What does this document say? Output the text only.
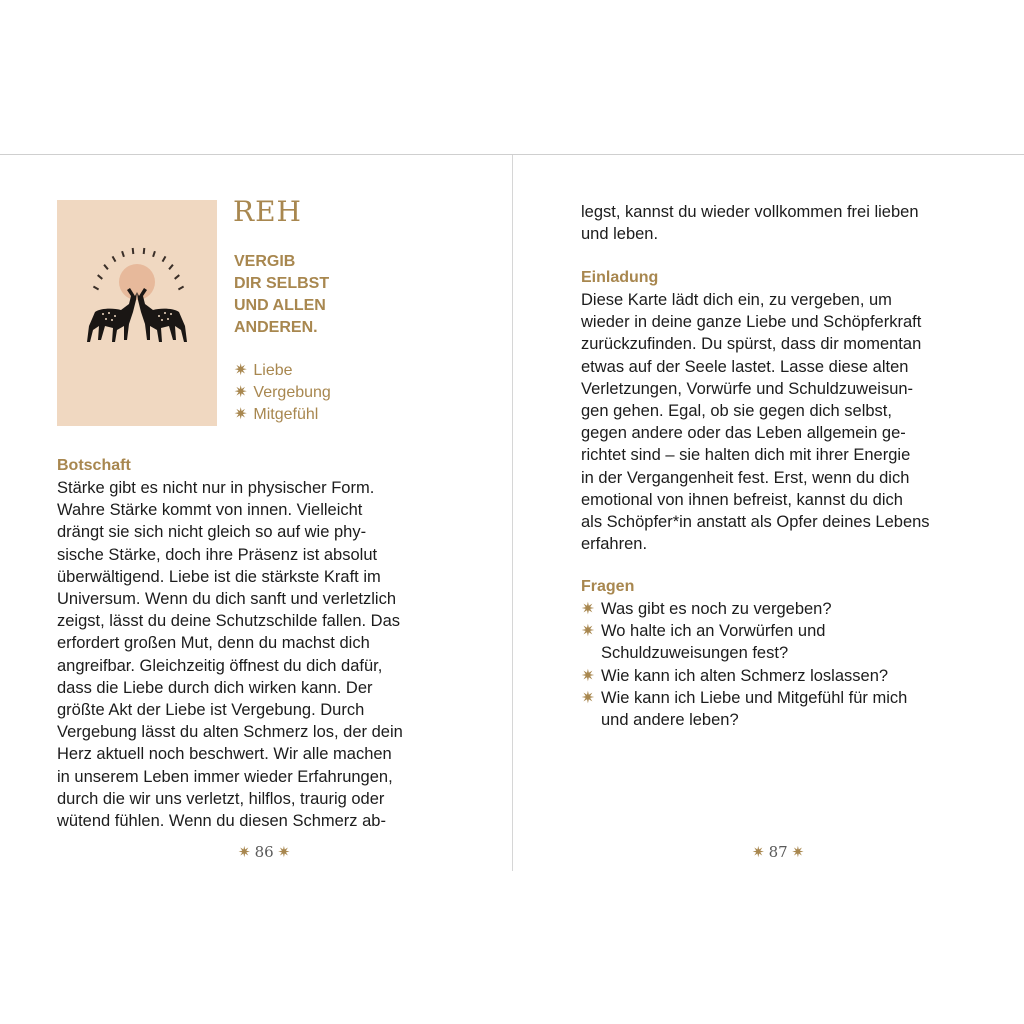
REH
VERGIB
DIR SELBST
UND ALLEN
ANDEREN.
✷ Liebe
✷ Vergebung
✷ Mitgefühl
Botschaft
Stärke gibt es nicht nur in physischer Form.
Wahre Stärke kommt von innen. Vielleicht
drängt sie sich nicht gleich so auf wie phy-
sische Stärke, doch ihre Präsenz ist absolut
überwältigend. Liebe ist die stärkste Kraft im
Universum. Wenn du dich sanft und verletzlich
zeigst, lässt du deine Schutzschilde fallen. Das
erfordert großen Mut, denn du machst dich
angreifbar. Gleichzeitig öffnest du dich dafür,
dass die Liebe durch dich wirken kann. Der
größte Akt der Liebe ist Vergebung. Durch
Vergebung lässt du alten Schmerz los, der dein
Herz aktuell noch beschwert. Wir alle machen
in unserem Leben immer wieder Erfahrungen,
durch die wir uns verletzt, hilflos, traurig oder
wütend fühlen. Wenn du diesen Schmerz ab-
✷ 86 ✷
legst, kannst du wieder vollkommen frei lieben
und leben.
Einladung
Diese Karte lädt dich ein, zu vergeben, um
wieder in deine ganze Liebe und Schöpferkraft
zurückzufinden. Du spürst, dass dir momentan
etwas auf der Seele lastet. Lasse diese alten
Verletzungen, Vorwürfe und Schuldzuweisun-
gen gehen. Egal, ob sie gegen dich selbst,
gegen andere oder das Leben allgemein ge-
richtet sind – sie halten dich mit ihrer Energie
in der Vergangenheit fest. Erst, wenn du dich
emotional von ihnen befreist, kannst du dich
als Schöpfer*in anstatt als Opfer deines Lebens
erfahren.
Fragen
✷ Was gibt es noch zu vergeben?
✷ Wo halte ich an Vorwürfen und
Schuldzuweisungen fest?
✷ Wie kann ich alten Schmerz loslassen?
✷ Wie kann ich Liebe und Mitgefühl für mich
und andere leben?
✷ 87 ✷
